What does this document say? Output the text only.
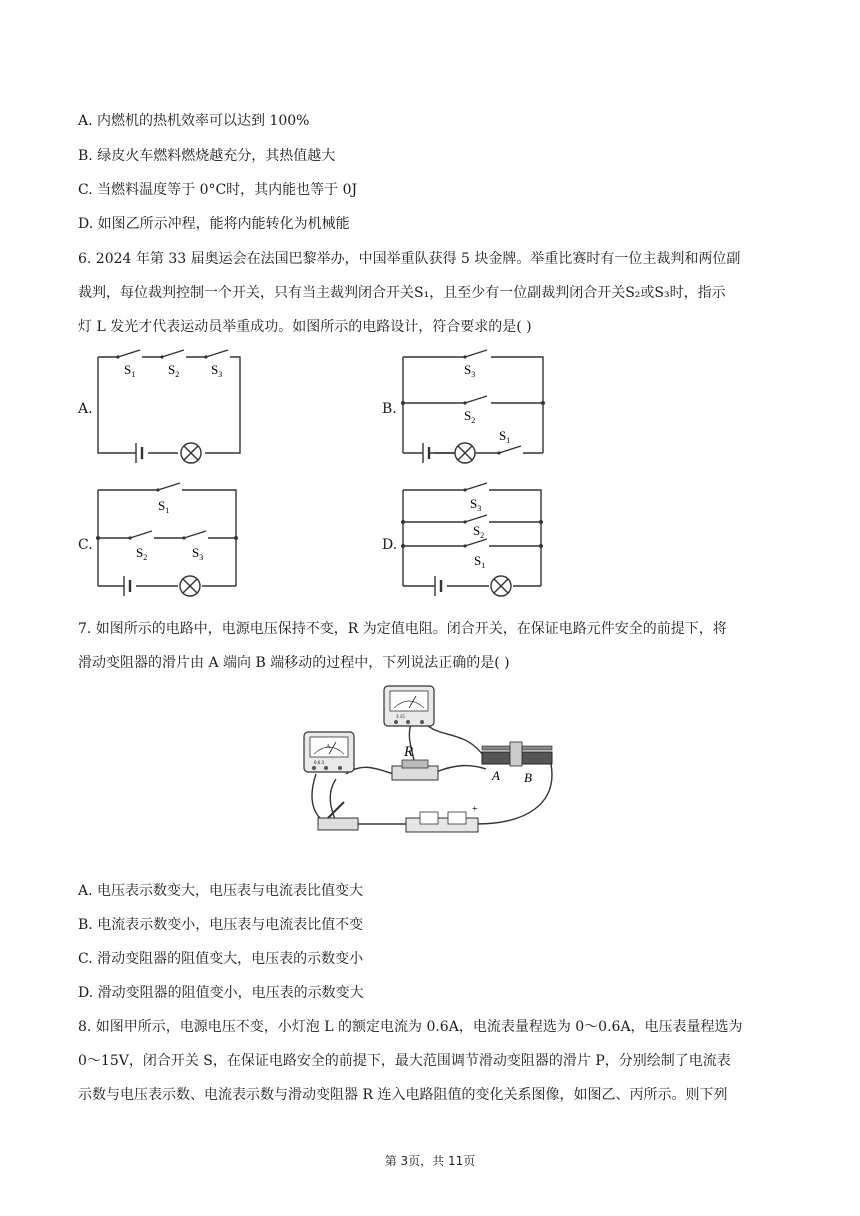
A. 内燃机的热机效率可以达到 100%
B. 绿皮火车燃料燃烧越充分，其热值越大
C. 当燃料温度等于 0°C时，其内能也等于 0J
D. 如图乙所示冲程，能将内能转化为机械能
6. 2024 年第 33 届奥运会在法国巴黎举办，中国举重队获得 5 块金牌。举重比赛时有一位主裁判和两位副
裁判，每位裁判控制一个开关，只有当主裁判闭合开关S₁，且至少有一位副裁判闭合开关S₂或S₃时，指示
灯 L 发光才代表运动员举重成功。如图所示的电路设计，符合要求的是( )
A.	B.
C.	D.
$S_1$	$S_2$ $S_3$	$S_3$
$S_2$
$S_1$
$S_1$
$S_2$	$S_3$
$S_3$
$S_2$
$S_1$
7. 如图所示的电路中，电源电压保持不变，R 为定值电阻。闭合开关，在保证电路元件安全的前提下，将
滑动变阻器的滑片由 A 端向 B 端移动的过程中，下列说法正确的是( )
A
0.6 3
3 15
R
A B
+
A. 电压表示数变大，电压表与电流表比值变大
B. 电流表示数变小，电压表与电流表比值不变
C. 滑动变阻器的阻值变大，电压表的示数变小
D. 滑动变阻器的阻值变小，电压表的示数变大
8. 如图甲所示，电源电压不变，小灯泡 L 的额定电流为 0.6A，电流表量程选为 0～0.6A，电压表量程选为
0～15V，闭合开关 S，在保证电路安全的前提下，最大范围调节滑动变阻器的滑片 P，分别绘制了电流表
示数与电压表示数、电流表示数与滑动变阻器 R 连入电路阻值的变化关系图像，如图乙、丙所示。则下列
第 3页，共 11页
